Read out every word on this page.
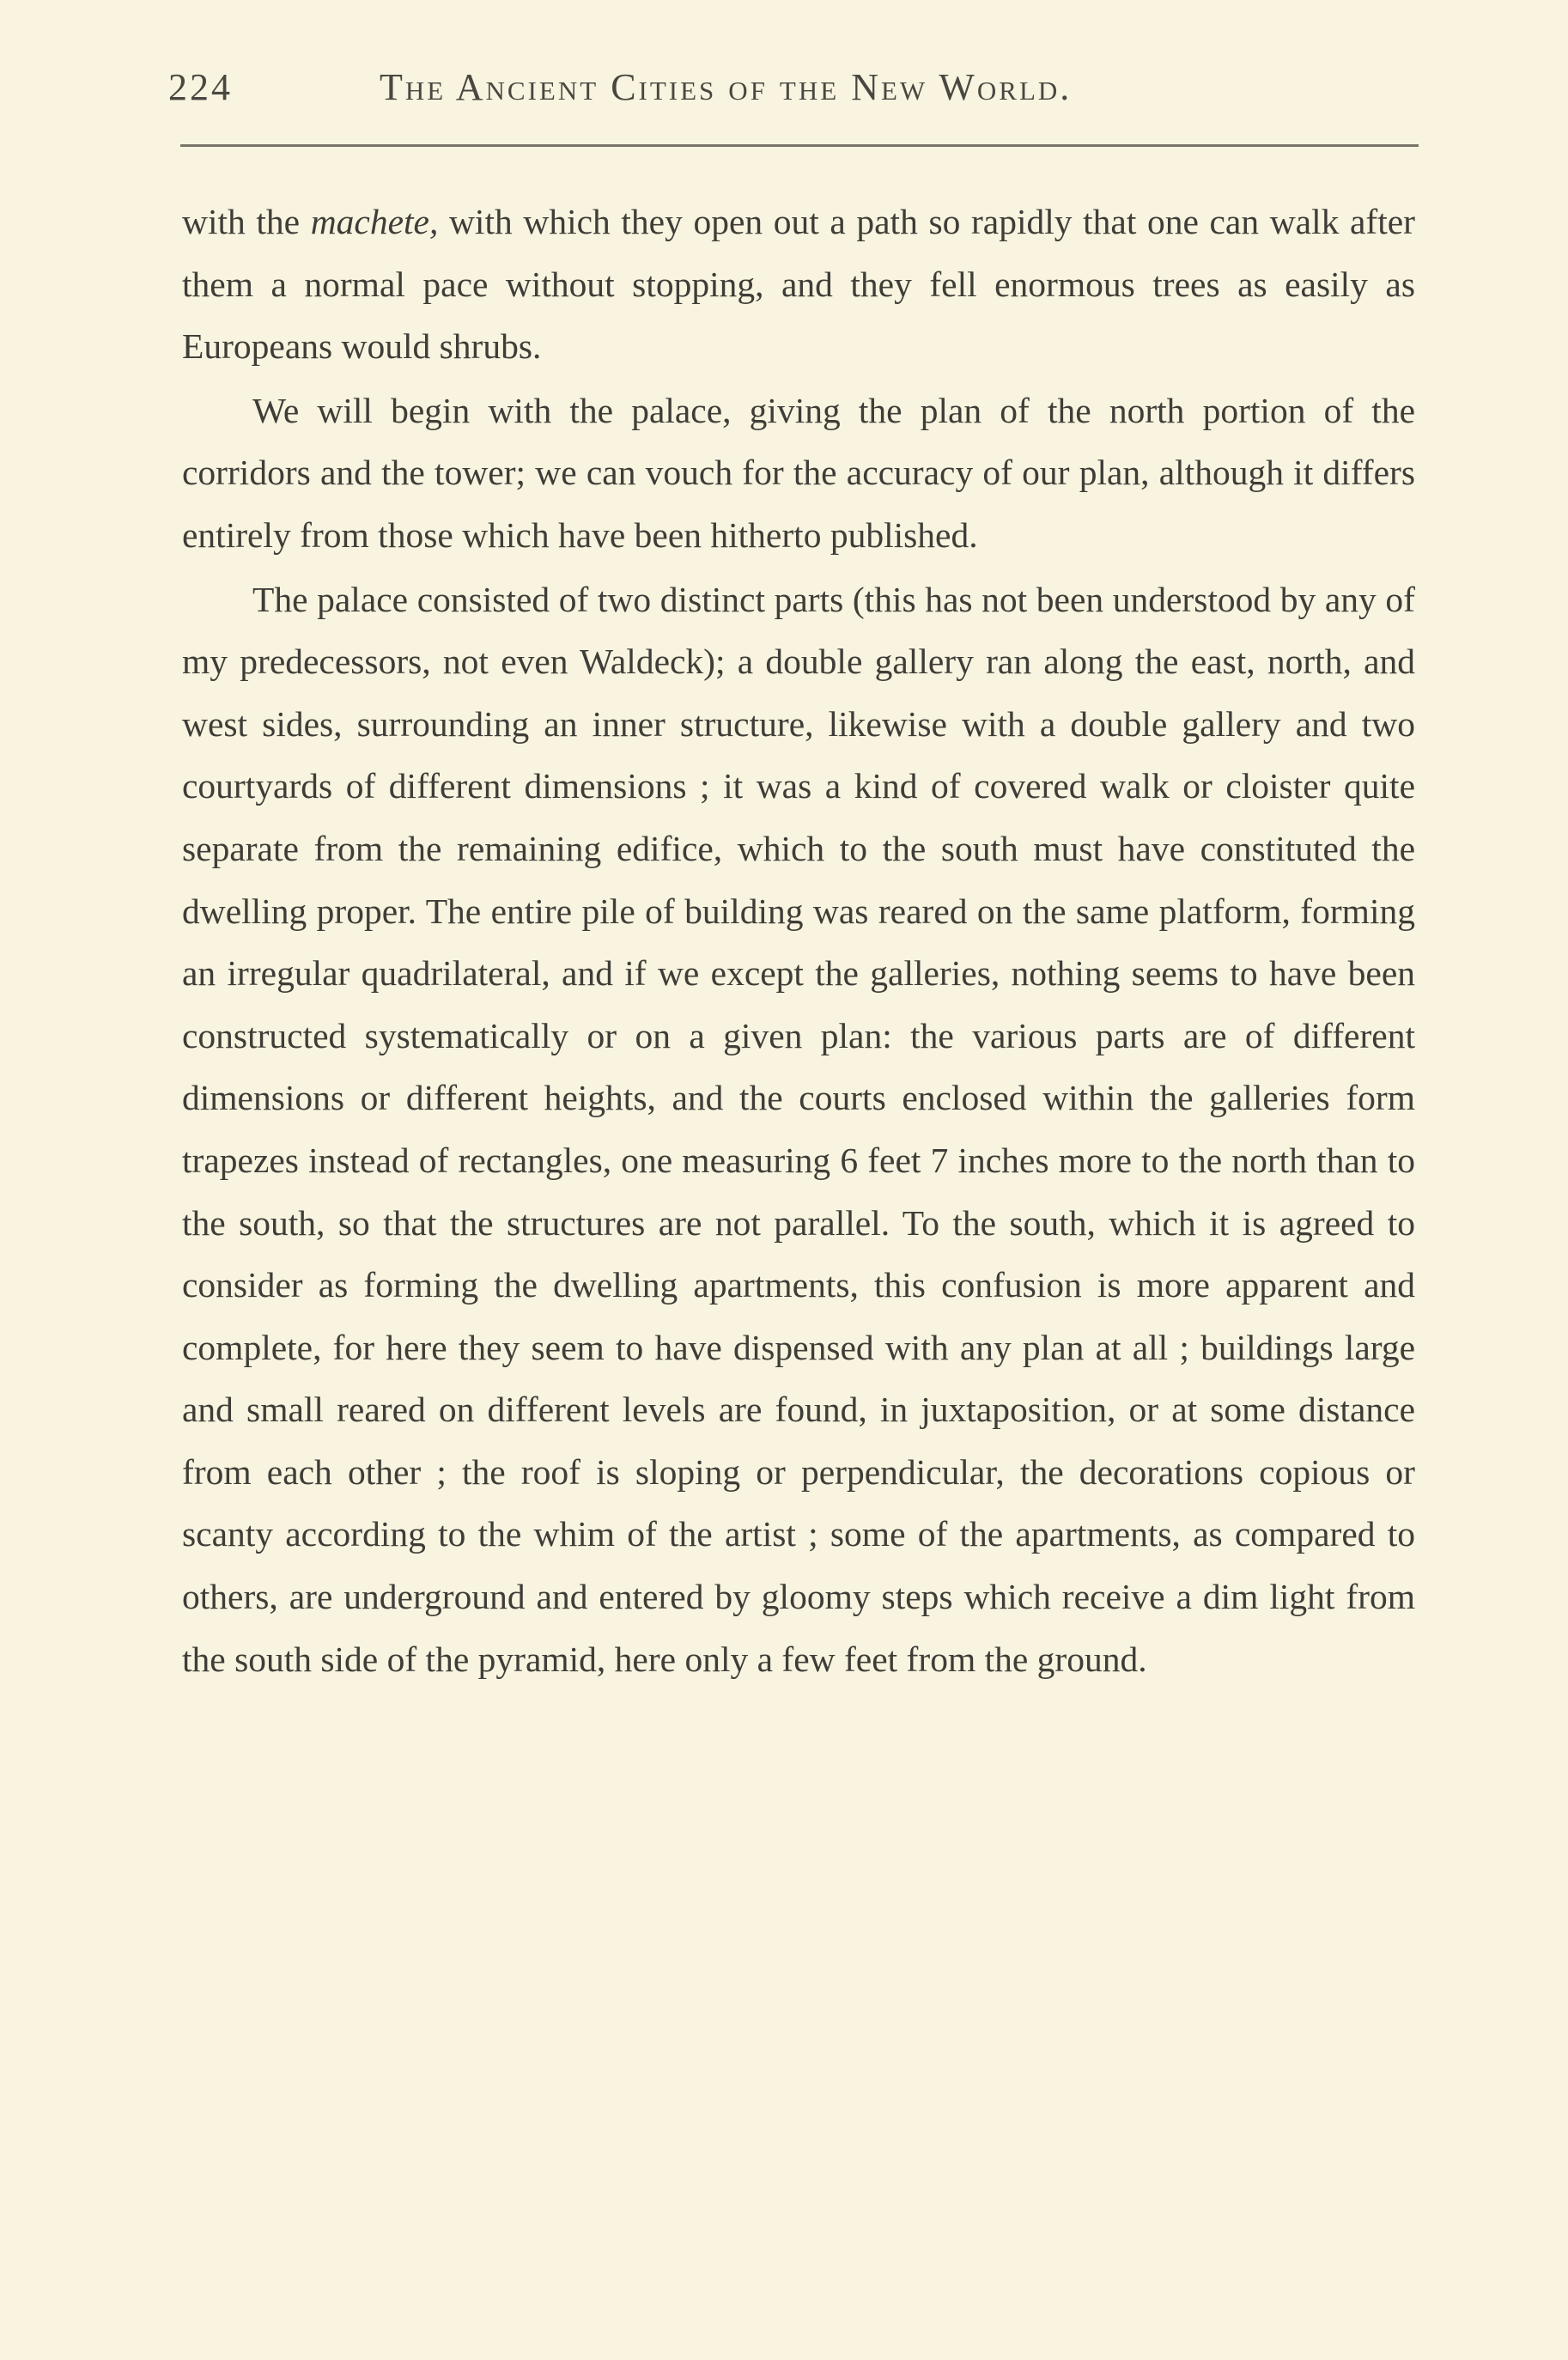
224	The Ancient Cities of the New World.

with the machete, with which they open out a path so rapidly that one can walk after them a normal pace without stopping, and they fell enormous trees as easily as Europeans would shrubs.

We will begin with the palace, giving the plan of the north portion of the corridors and the tower; we can vouch for the accuracy of our plan, although it differs entirely from those which have been hitherto published.

The palace consisted of two distinct parts (this has not been understood by any of my predecessors, not even Waldeck); a double gallery ran along the east, north, and west sides, surrounding an inner structure, likewise with a double gallery and two courtyards of different dimensions ; it was a kind of covered walk or cloister quite separate from the remaining edifice, which to the south must have constituted the dwelling proper. The entire pile of building was reared on the same platform, forming an irregular quadrilateral, and if we except the galleries, nothing seems to have been constructed systematically or on a given plan: the various parts are of different dimensions or different heights, and the courts enclosed within the galleries form trapezes instead of rectangles, one measuring 6 feet 7 inches more to the north than to the south, so that the structures are not parallel. To the south, which it is agreed to consider as forming the dwelling apartments, this confusion is more apparent and complete, for here they seem to have dispensed with any plan at all ; buildings large and small reared on different levels are found, in juxtaposition, or at some distance from each other ; the roof is sloping or perpendicular, the decorations copious or scanty according to the whim of the artist ; some of the apartments, as compared to others, are underground and entered by gloomy steps which receive a dim light from the south side of the pyramid, here only a few feet from the ground.
